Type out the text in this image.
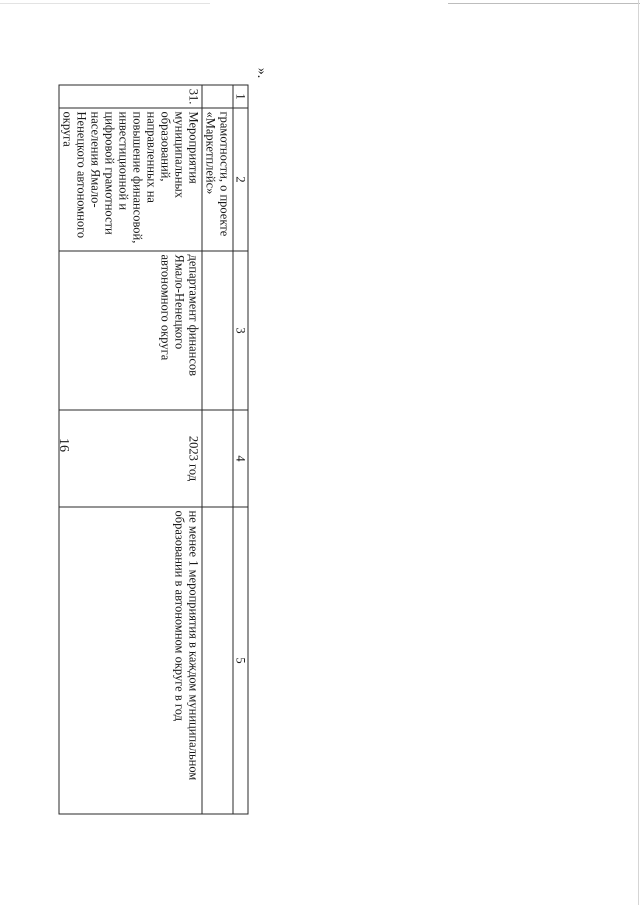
16
».
1	2	3	4	5
	грамотности, о проекте «Маркетплейс»			
31.	Мероприятия муниципальных образований, направленных на повышение финансовой, инвестиционной и цифровой грамотности населения Ямало-Ненецкого автономного округа	департамент финансов Ямало-Ненецкого автономного округа	2023 год	не менее 1 мероприятия в каждом муниципальном образовании в автономном округе в год
